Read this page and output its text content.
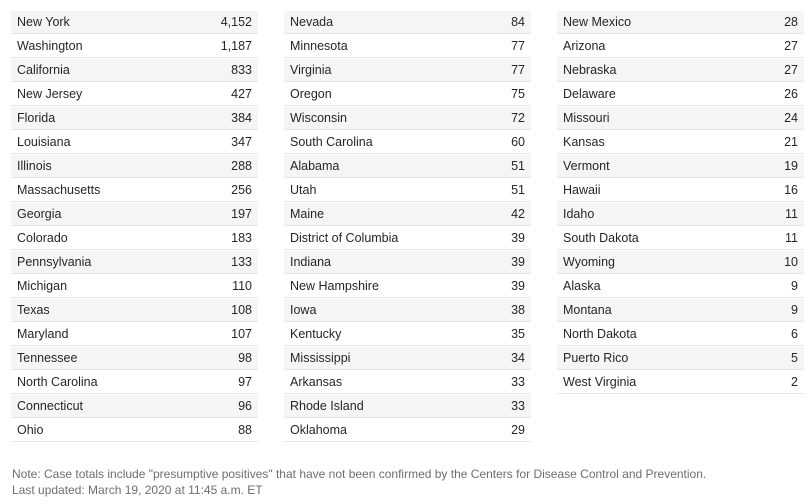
New York	4,152
Washington	1,187
California	833
New Jersey	427
Florida	384
Louisiana	347
Illinois	288
Massachusetts	256
Georgia	197
Colorado	183
Pennsylvania	133
Michigan	110
Texas	108
Maryland	107
Tennessee	98
North Carolina	97
Connecticut	96
Ohio	88
Nevada	84
Minnesota	77
Virginia	77
Oregon	75
Wisconsin	72
South Carolina	60
Alabama	51
Utah	51
Maine	42
District of Columbia	39
Indiana	39
New Hampshire	39
Iowa	38
Kentucky	35
Mississippi	34
Arkansas	33
Rhode Island	33
Oklahoma	29
New Mexico	28
Arizona	27
Nebraska	27
Delaware	26
Missouri	24
Kansas	21
Vermont	19
Hawaii	16
Idaho	11
South Dakota	11
Wyoming	10
Alaska	9
Montana	9
North Dakota	6
Puerto Rico	5
West Virginia	2
Note: Case totals include "presumptive positives" that have not been confirmed by the Centers for Disease Control and Prevention.
Last updated: March 19, 2020 at 11:45 a.m. ET
